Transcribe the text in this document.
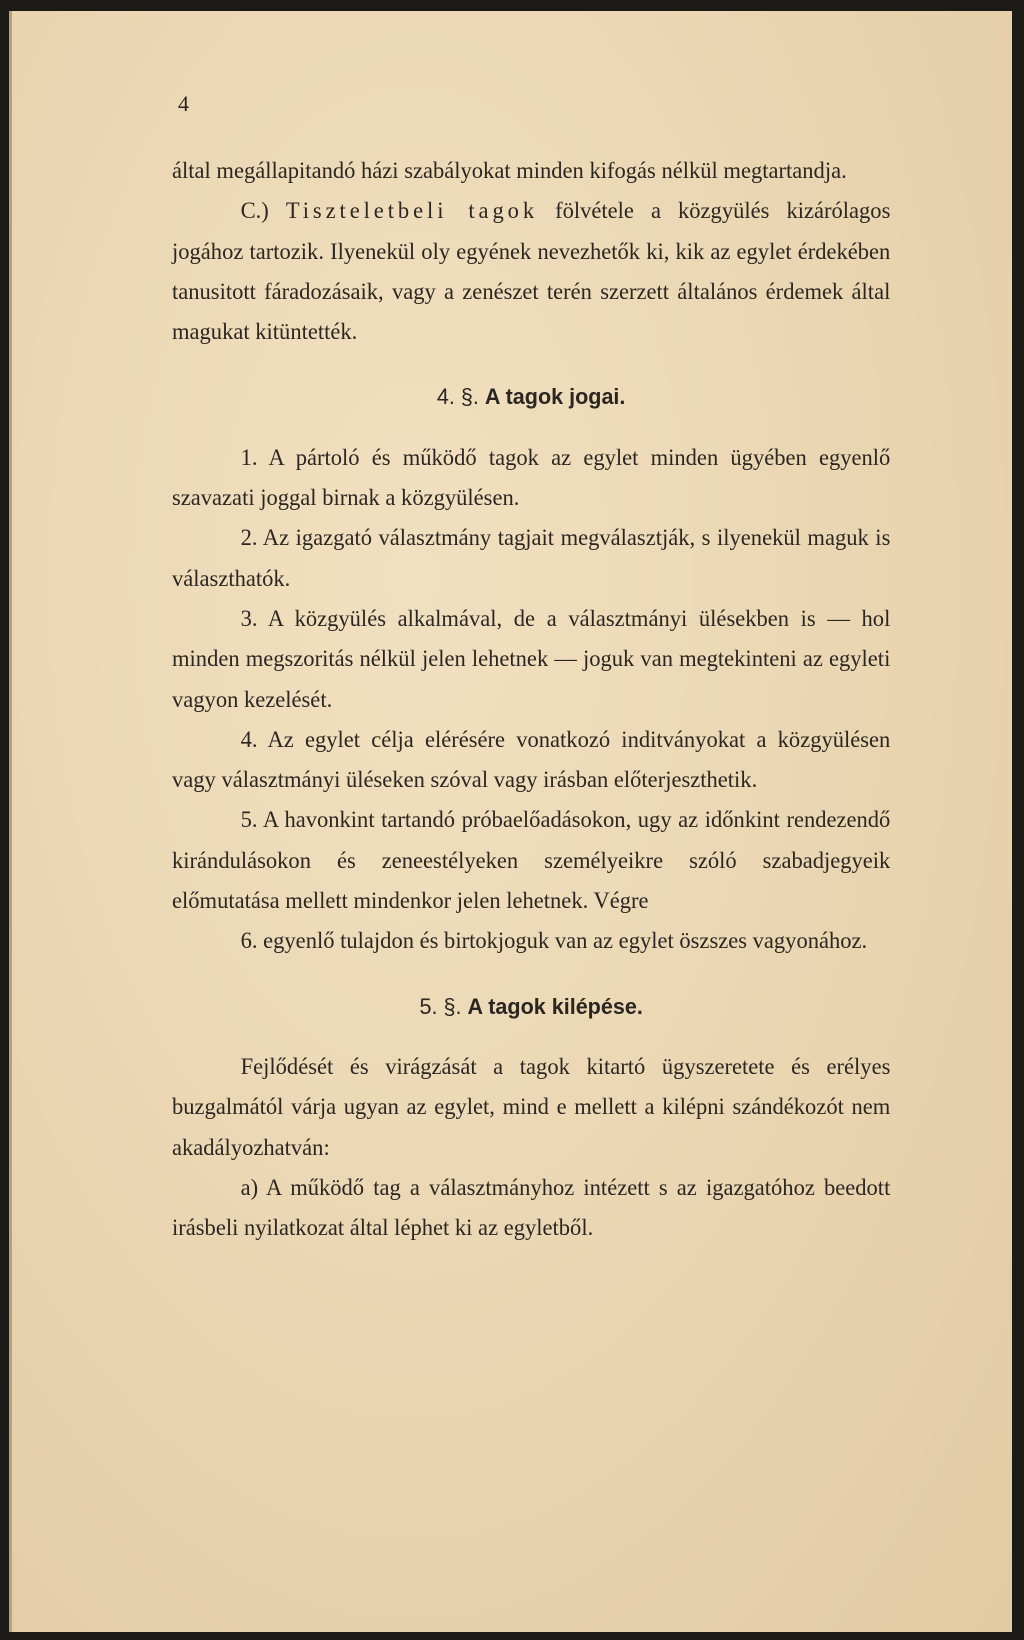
4

által megállapitandó házi szabályokat minden kifogás nélkül megtartandja.

C.) Tiszteletbeli tagok fölvétele a közgyülés kizárólagos jogához tartozik. Ilyenekül oly egyének nevezhetők ki, kik az egylet érdekében tanusitott fáradozásaik, vagy a zenészet terén szerzett általános érdemek által magukat kitüntették.

4. §. A tagok jogai.

1. A pártoló és működő tagok az egylet minden ügyében egyenlő szavazati joggal birnak a közgyülésen.

2. Az igazgató választmány tagjait megválasztják, s ilyenekül maguk is választhatók.

3. A közgyülés alkalmával, de a választmányi ülésekben is — hol minden megszoritás nélkül jelen lehetnek — joguk van megtekinteni az egyleti vagyon kezelését.

4. Az egylet célja elérésére vonatkozó inditványokat a közgyülésen vagy választmányi üléseken szóval vagy irásban előterjeszthetik.

5. A havonkint tartandó próbaelőadásokon, ugy az időnkint rendezendő kirándulásokon és zeneestélyeken személyeikre szóló szabadjegyeik előmutatása mellett mindenkor jelen lehetnek. Végre

6. egyenlő tulajdon és birtokjoguk van az egylet öszszes vagyonához.

5. §. A tagok kilépése.

Fejlődését és virágzását a tagok kitartó ügyszeretete és erélyes buzgalmától várja ugyan az egylet, mind e mellett a kilépni szándékozót nem akadályozhatván:

a) A működő tag a választmányhoz intézett s az igazgatóhoz beedott irásbeli nyilatkozat által léphet ki az egyletből.
